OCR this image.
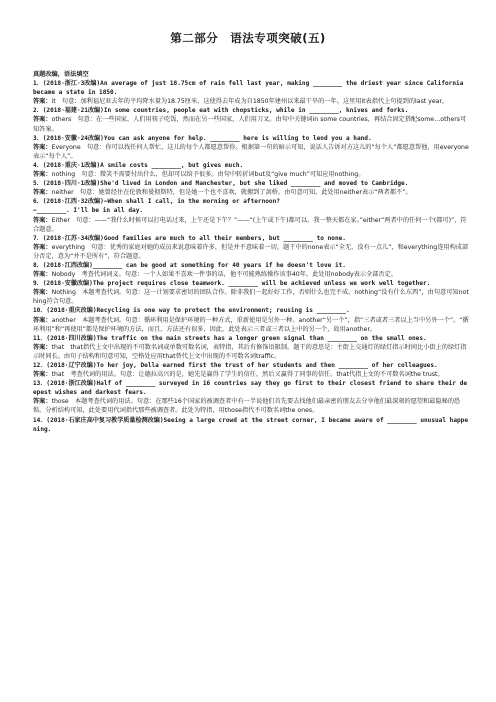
第二部分　语法专项突破(五)

真题改编，语法填空

1．(2018·浙江·3改编)An average of just 18.75cm of rain fell last year, making ________ the driest year since California became a state in 1850.

答案：it　句意：加利福尼亚去年的平均降水量为18.75厘米，这使得去年成为自1850年建州以来最干旱的一年。这里用it表指代上句提到的last year。

2．(2018·福建·21改编)In some countries, people eat with chopsticks, while in ________, knives and forks.

答案：others　句意：在一些国家，人们用筷子吃饭，然而在另一些国家，人们用刀叉。由句中关键词in some countries，再结合固定搭配some…others可知答案。

3．(2018·安徽·24改编)You can ask anyone for help. ________ here is willing to lend you a hand.

答案：Everyone　句意：你可以找任何人帮忙，这儿的每个人都愿意帮你。根据第一句的暗示可知，说话人告诉对方这儿的“每个人”都愿意帮他，用everyone表示“每个人”。

4．(2018·重庆·1改编)A smile costs ________, but gives much.

答案：nothing　句意：微笑不需要付出什么，但却可以给予很多。由句中转折词but及“give much”可知应用nothing。

5．(2018·四川·1改编)She'd lived in London and Manchester, but she liked ________ and moved to Cambridge.

答案：neither　句意：她曾经住在伦敦和曼彻斯特，但是她一个也不喜欢，就搬到了剑桥。由句意可知，此处用neither表示“两者都不”。

6．(2018·江西·32改编)—When shall I call, in the morning or afternoon?
—________. I'll be in all day.

答案：Either　句意：——“我什么时候可以打电话过来，上午还是下午？”——“(上午或下午)都可以。我一整天都在家。”either“两者中的任何一个(都可)”，符合题意。

7．(2018·江苏·34改编)Good families are much to all their members, but ________ to none.

答案：everything　句意：优秀的家庭对她的成员来说意味着许多，但是并不意味着一切。题干中的none表示“全无，没有一点儿”，和everything连用构成部分否定，意为“并不是所有”，符合题意。

8．(2018·江西改编)________ can be good at something for 40 years if he doesn't love it.

答案：Nobody　考查代词词义。句意：一个人如果不喜欢一件事的话，他不可能熟练操作该事40年。此处用nobody表示全部否定。

9．(2018·安徽改编)The project requires close teamwork. ________ will be achieved unless we work well together.

答案：Nothing　本题考查代词。句意：这一计划要求密切的团队合作。除非我们一起好好工作，否则什么也完不成。nothing“没有什么东西”，由句意可知nothing符合句意。

10．(2018·重庆改编)Recycling is one way to protect the environment; reusing is ________.

答案：another　本题考查代词。句意：循环利用是保护环境的一种方式，重新使用是另外一种。another“另一个”，指“三者或者三者以上当中另外一个”。“循环利用”和“再使用”都是保护环境的方法，而且，方法还有很多，因此，此处表示三者或三者以上中的另一个，故用another。

11．(2018·四川改编)The traffic on the main streets has a longer green signal than ________ on the small ones.

答案：that　that指代上文中出现的不可数名词或单数可数名词，表特指，其后有修饰语限制。题干的意思是：主街上交通灯的绿灯指示时间比小街上的绿灯指示时间长。由句子结构和句意可知，空格处应用that替代上文中出现的不可数名词traffic。

12．(2018·辽宁改编)To her joy, Della earned first the trust of her students and then ________ of her colleagues.

答案：that　考查代词的用法。句意：让德拉高兴的是，她先是赢得了学生的信任，然后又赢得了同事的信任。that代指上文的不可数名词the trust。

13．(2018·浙江改编)Half of ________ surveyed in 16 countries say they go first to their closest friend to share their deepest wishes and darkest fears.

答案：those　本题考查代词的用法。句意：在那些16个国家的被调查者中有一半说他们首先要去找他们最亲密的朋友去分享他们最深刻的愿望和最隐秘的恐惧。分析结构可知，此处要用代词指代那些被调查者。此处为特指，用those指代不可数名词the ones。

14．(2018·石家庄高中复习教学质量检测改编)Seeing a large crowd at the street corner, I became aware of ________ unusual happening.
